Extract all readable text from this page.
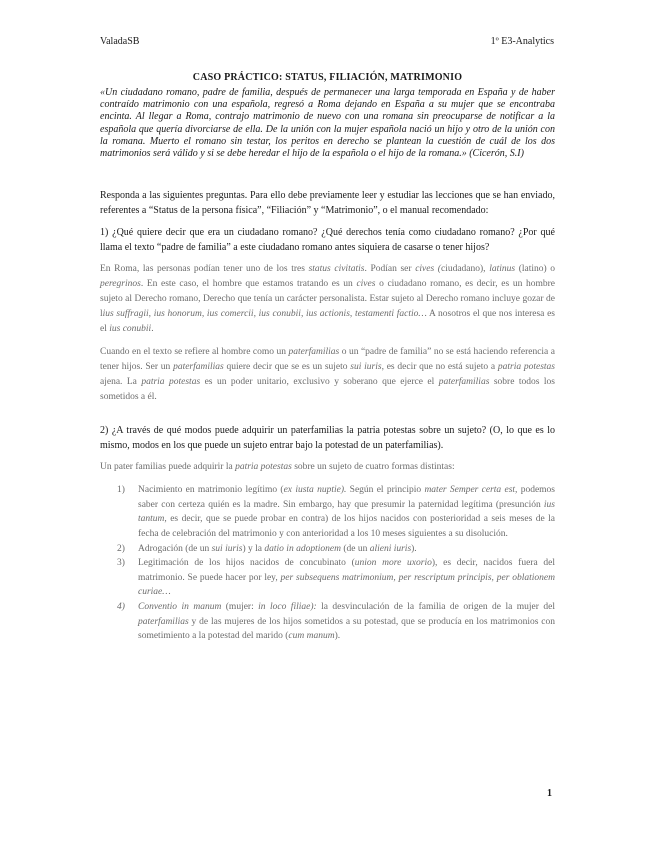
ValadaSB	1º E3-Analytics
CASO PRÁCTICO: STATUS, FILIACIÓN, MATRIMONIO
«Un ciudadano romano, padre de familia, después de permanecer una larga temporada en España y de haber contraído matrimonio con una española, regresó a Roma dejando en España a su mujer que se encontraba encinta. Al llegar a Roma, contrajo matrimonio de nuevo con una romana sin preocuparse de notificar a la española que quería divorciarse de ella. De la unión con la mujer española nació un hijo y otro de la unión con la romana. Muerto el romano sin testar, los peritos en derecho se plantean la cuestión de cuál de los dos matrimonios será válido y si se debe heredar el hijo de la española o el hijo de la romana.» (Cicerón, S.I)
Responda a las siguientes preguntas. Para ello debe previamente leer y estudiar las lecciones que se han enviado, referentes a “Status de la persona física”, “Filiación” y “Matrimonio”, o el manual recomendado:
1) ¿Qué quiere decir que era un ciudadano romano? ¿Qué derechos tenía como ciudadano romano? ¿Por qué llama el texto “padre de familia” a este ciudadano romano antes siquiera de casarse o tener hijos?
En Roma, las personas podían tener uno de los tres status civitatis. Podían ser cives (ciudadano), latinus (latino) o peregrinos. En este caso, el hombre que estamos tratando es un cives o ciudadano romano, es decir, es un hombre sujeto al Derecho romano, Derecho que tenía un carácter personalista. Estar sujeto al Derecho romano incluye gozar de lius suffragii, ius honorum, ius comercii, ius conubii, ius actionis, testamenti factio… A nosotros el que nos interesa es el ius conubii.
Cuando en el texto se refiere al hombre como un paterfamilias o un “padre de familia” no se está haciendo referencia a tener hijos. Ser un paterfamilias quiere decir que se es un sujeto sui iuris, es decir que no está sujeto a patria potestas ajena. La patria potestas es un poder unitario, exclusivo y soberano que ejerce el paterfamilias sobre todos los sometidos a él.
2) ¿A través de qué modos puede adquirir un paterfamilias la patria potestas sobre un sujeto? (O, lo que es lo mismo, modos en los que puede un sujeto entrar bajo la potestad de un paterfamilias).
Un pater familias puede adquirir la patria potestas sobre un sujeto de cuatro formas distintas:
1) Nacimiento en matrimonio legítimo (ex iusta nuptie). Según el principio mater Semper certa est, podemos saber con certeza quién es la madre. Sin embargo, hay que presumir la paternidad legítima (presunción ius tantum, es decir, que se puede probar en contra) de los hijos nacidos con posterioridad a seis meses de la fecha de celebración del matrimonio y con anterioridad a los 10 meses siguientes a su disolución.
2) Adrogación (de un sui iuris) y la datio in adoptionem (de un alieni iuris).
3) Legitimación de los hijos nacidos de concubinato (union more uxorio), es decir, nacidos fuera del matrimonio. Se puede hacer por ley, per subsequens matrimonium, per rescriptum principis, per oblationem curiae…
4) Conventio in manum (mujer: in loco filiae): la desvinculación de la familia de origen de la mujer del paterfamilias y de las mujeres de los hijos sometidos a su potestad, que se producía en los matrimonios con sometimiento a la potestad del marido (cum manum).
1
